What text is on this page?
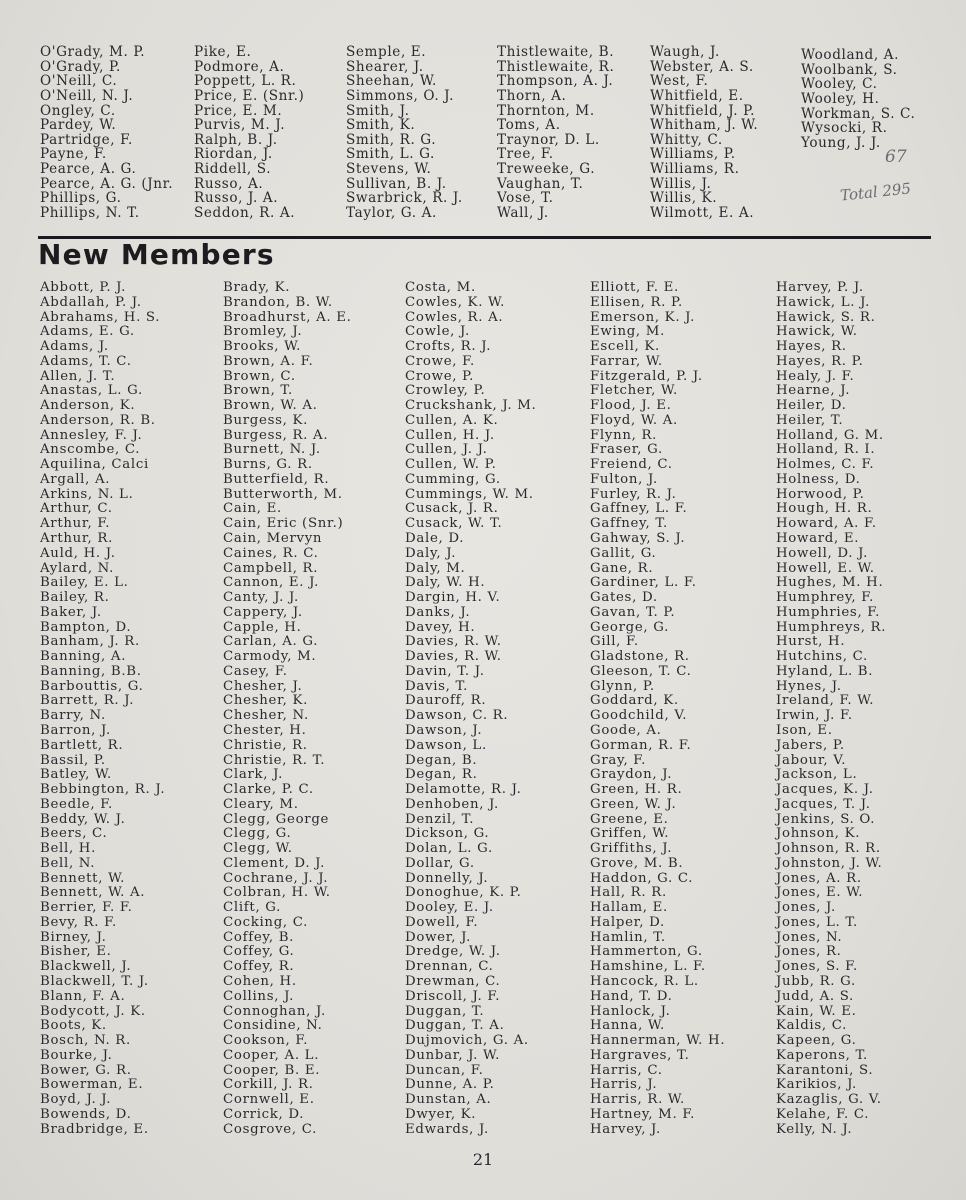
O'Grady, M. P.
O'Grady, P.
O'Neill, C.
O'Neill, N. J.
Ongley, C.
Pardey, W.
Partridge, F.
Payne, F.
Pearce, A. G.
Pearce, A. G. (Jnr.
Phillips, G.
Phillips, N. T.
Pike, E.
Podmore, A.
Poppett, L. R.
Price, E. (Snr.)
Price, E. M.
Purvis, M. J.
Ralph, B. J.
Riordan, J.
Riddell, S.
Russo, A.
Russo, J. A.
Seddon, R. A.
Semple, E.
Shearer, J.
Sheehan, W.
Simmons, O. J.
Smith, J.
Smith, K.
Smith, R. G.
Smith, L. G.
Stevens, W.
Sullivan, B. J.
Swarbrick, R. J.
Taylor, G. A.
Thistlewaite, B.
Thistlewaite, R.
Thompson, A. J.
Thorn, A.
Thornton, M.
Toms, A.
Traynor, D. L.
Tree, F.
Treweeke, G.
Vaughan, T.
Vose, T.
Wall, J.
Waugh, J.
Webster, A. S.
West, F.
Whitfield, E.
Whitfield, J. P.
Whitham, J. W.
Whitty, C.
Williams, P.
Williams, R.
Willis, J.
Willis, K.
Wilmott, E. A.
Woodland, A.
Woolbank, S.
Wooley, C.
Wooley, H.
Workman, S. C.
Wysocki, R.
Young, J. J.
67
Total 295
New Members
Abbott, P. J.
Abdallah, P. J.
Abrahams, H. S.
Adams, E. G.
Adams, J.
Adams, T. C.
Allen, J. T.
Anastas, L. G.
Anderson, K.
Anderson, R. B.
Annesley, F. J.
Anscombe, C.
Aquilina, Calci
Argall, A.
Arkins, N. L.
Arthur, C.
Arthur, F.
Arthur, R.
Auld, H. J.
Aylard, N.
Bailey, E. L.
Bailey, R.
Baker, J.
Bampton, D.
Banham, J. R.
Banning, A.
Banning, B.B.
Barbouttis, G.
Barrett, R. J.
Barry, N.
Barron, J.
Bartlett, R.
Bassil, P.
Batley, W.
Bebbington, R. J.
Beedle, F.
Beddy, W. J.
Beers, C.
Bell, H.
Bell, N.
Bennett, W.
Bennett, W. A.
Berrier, F. F.
Bevy, R. F.
Birney, J.
Bisher, E.
Blackwell, J.
Blackwell, T. J.
Blann, F. A.
Bodycott, J. K.
Boots, K.
Bosch, N. R.
Bourke, J.
Bower, G. R.
Bowerman, E.
Boyd, J. J.
Bowends, D.
Bradbridge, E.
Brady, K.
Brandon, B. W.
Broadhurst, A. E.
Bromley, J.
Brooks, W.
Brown, A. F.
Brown, C.
Brown, T.
Brown, W. A.
Burgess, K.
Burgess, R. A.
Burnett, N. J.
Burns, G. R.
Butterfield, R.
Butterworth, M.
Cain, E.
Cain, Eric (Snr.)
Cain, Mervyn
Caines, R. C.
Campbell, R.
Cannon, E. J.
Canty, J. J.
Cappery, J.
Capple, H.
Carlan, A. G.
Carmody, M.
Casey, F.
Chesher, J.
Chesher, K.
Chesher, N.
Chester, H.
Christie, R.
Christie, R. T.
Clark, J.
Clarke, P. C.
Cleary, M.
Clegg, George
Clegg, G.
Clegg, W.
Clement, D. J.
Cochrane, J. J.
Colbran, H. W.
Clift, G.
Cocking, C.
Coffey, B.
Coffey, G.
Coffey, R.
Cohen, H.
Collins, J.
Connoghan, J.
Considine, N.
Cookson, F.
Cooper, A. L.
Cooper, B. E.
Corkill, J. R.
Cornwell, E.
Corrick, D.
Cosgrove, C.
Costa, M.
Cowles, K. W.
Cowles, R. A.
Cowle, J.
Crofts, R. J.
Crowe, F.
Crowe, P.
Crowley, P.
Cruckshank, J. M.
Cullen, A. K.
Cullen, H. J.
Cullen, J. J.
Cullen, W. P.
Cumming, G.
Cummings, W. M.
Cusack, J. R.
Cusack, W. T.
Dale, D.
Daly, J.
Daly, M.
Daly, W. H.
Dargin, H. V.
Danks, J.
Davey, H.
Davies, R. W.
Davies, R. W.
Davin, T. J.
Davis, T.
Dauroff, R.
Dawson, C. R.
Dawson, J.
Dawson, L.
Degan, B.
Degan, R.
Delamotte, R. J.
Denhoben, J.
Denzil, T.
Dickson, G.
Dolan, L. G.
Dollar, G.
Donnelly, J.
Donoghue, K. P.
Dooley, E. J.
Dowell, F.
Dower, J.
Dredge, W. J.
Drennan, C.
Drewman, C.
Driscoll, J. F.
Duggan, T.
Duggan, T. A.
Dujmovich, G. A.
Dunbar, J. W.
Duncan, F.
Dunne, A. P.
Dunstan, A.
Dwyer, K.
Edwards, J.
Elliott, F. E.
Ellisen, R. P.
Emerson, K. J.
Ewing, M.
Escell, K.
Farrar, W.
Fitzgerald, P. J.
Fletcher, W.
Flood, J. E.
Floyd, W. A.
Flynn, R.
Fraser, G.
Freiend, C.
Fulton, J.
Furley, R. J.
Gaffney, L. F.
Gaffney, T.
Gahway, S. J.
Gallit, G.
Gane, R.
Gardiner, L. F.
Gates, D.
Gavan, T. P.
George, G.
Gill, F.
Gladstone, R.
Gleeson, T. C.
Glynn, P.
Goddard, K.
Goodchild, V.
Goode, A.
Gorman, R. F.
Gray, F.
Graydon, J.
Green, H. R.
Green, W. J.
Greene, E.
Griffen, W.
Griffiths, J.
Grove, M. B.
Haddon, G. C.
Hall, R. R.
Hallam, E.
Halper, D.
Hamlin, T.
Hammerton, G.
Hamshine, L. F.
Hancock, R. L.
Hand, T. D.
Hanlock, J.
Hanna, W.
Hannerman, W. H.
Hargraves, T.
Harris, C.
Harris, J.
Harris, R. W.
Hartney, M. F.
Harvey, J.
Harvey, P. J.
Hawick, L. J.
Hawick, S. R.
Hawick, W.
Hayes, R.
Hayes, R. P.
Healy, J. F.
Hearne, J.
Heiler, D.
Heiler, T.
Holland, G. M.
Holland, R. I.
Holmes, C. F.
Holness, D.
Horwood, P.
Hough, H. R.
Howard, A. F.
Howard, E.
Howell, D. J.
Howell, E. W.
Hughes, M. H.
Humphrey, F.
Humphries, F.
Humphreys, R.
Hurst, H.
Hutchins, C.
Hyland, L. B.
Hynes, J.
Ireland, F. W.
Irwin, J. F.
Ison, E.
Jabers, P.
Jabour, V.
Jackson, L.
Jacques, K. J.
Jacques, T. J.
Jenkins, S. O.
Johnson, K.
Johnson, R. R.
Johnston, J. W.
Jones, A. R.
Jones, E. W.
Jones, J.
Jones, L. T.
Jones, N.
Jones, R.
Jones, S. F.
Jubb, R. G.
Judd, A. S.
Kain, W. E.
Kaldis, C.
Kapeen, G.
Kaperons, T.
Karantoni, S.
Karikios, J.
Kazaglis, G. V.
Kelahe, F. C.
Kelly, N. J.
21
